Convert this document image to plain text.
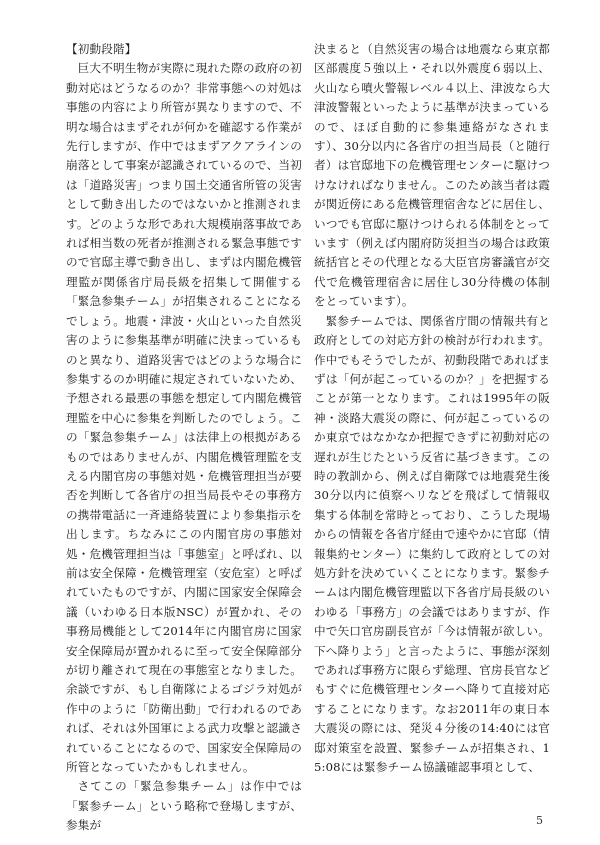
【初動段階】

巨大不明生物が実際に現れた際の政府の初動対応はどうなるのか？非常事態への対処は事態の内容により所管が異なりますので、不明な場合はまずそれが何かを確認する作業が先行しますが、作中ではまずアクアラインの崩落として事案が認識されているので、当初は「道路災害」つまり国土交通省所管の災害として動き出したのではないかと推測されます。どのような形であれ大規模崩落事故であれば相当数の死者が推測される緊急事態ですので官邸主導で動き出し、まずは内閣危機管理監が関係省庁局長級を招集して開催する「緊急参集チーム」が招集されることになるでしょう。地震・津波・火山といった自然災害のように参集基準が明確に決まっているものと異なり、道路災害ではどのような場合に参集するのか明確に規定されていないため、予想される最悪の事態を想定して内閣危機管理監を中心に参集を判断したのでしょう。この「緊急参集チーム」は法律上の根拠があるものではありませんが、内閣危機管理監を支える内閣官房の事態対処・危機管理担当が要否を判断して各省庁の担当局長やその事務方の携帯電話に一斉連絡装置により参集指示を出します。ちなみにこの内閣官房の事態対処・危機管理担当は「事態室」と呼ばれ、以前は安全保障・危機管理室（安危室）と呼ばれていたものですが、内閣に国家安全保障会議（いわゆる日本版NSC）が置かれ、その事務局機能として2014年に内閣官房に国家安全保障局が置かれるに至って安全保障部分が切り離されて現在の事態室となりました。余談ですが、もし自衛隊によるゴジラ対処が作中のように「防衛出動」で行われるのであれば、それは外国軍による武力攻撃と認識されていることになるので、国家安全保障局の所管となっていたかもしれません。

さてこの「緊急参集チーム」は作中では「緊参チーム」という略称で登場しますが、参集が

決まると（自然災害の場合は地震なら東京都区部震度５強以上・それ以外震度６弱以上、火山なら噴火警報レベル４以上、津波なら大津波警報といったように基準が決まっているので、ほぼ自動的に参集連絡がなされます）、30分以内に各省庁の担当局長（と随行者）は官邸地下の危機管理センターに駆けつけなければなりません。このため該当者は霞が関近傍にある危機管理宿舎などに居住し、いつでも官邸に駆けつけられる体制をとっています（例えば内閣府防災担当の場合は政策統括官とその代理となる大臣官房審議官が交代で危機管理宿舎に居住し30分待機の体制をとっています）。

緊参チームでは、関係省庁間の情報共有と政府としての対応方針の検討が行われます。作中でもそうでしたが、初動段階であればまずは「何が起こっているのか？」を把握することが第一となります。これは1995年の阪神・淡路大震災の際に、何が起こっているのか東京ではなかなか把握できずに初動対応の遅れが生じたという反省に基づきます。この時の教訓から、例えば自衛隊では地震発生後30分以内に偵察ヘリなどを飛ばして情報収集する体制を常時とっており、こうした現場からの情報を各省庁経由で速やかに官邸（情報集約センター）に集約して政府としての対処方針を決めていくことになります。緊参チームは内閣危機管理監以下各省庁局長級のいわゆる「事務方」の会議ではありますが、作中で矢口官房副長官が「今は情報が欲しい。下へ降りよう」と言ったように、事態が深刻であれば事務方に限らず総理、官房長官などもすぐに危機管理センターへ降りて直接対応することになります。なお2011年の東日本大震災の際には、発災４分後の14:40には官邸対策室を設置、緊参チームが招集され、15:08には緊参チーム協議確認事項として、

5
